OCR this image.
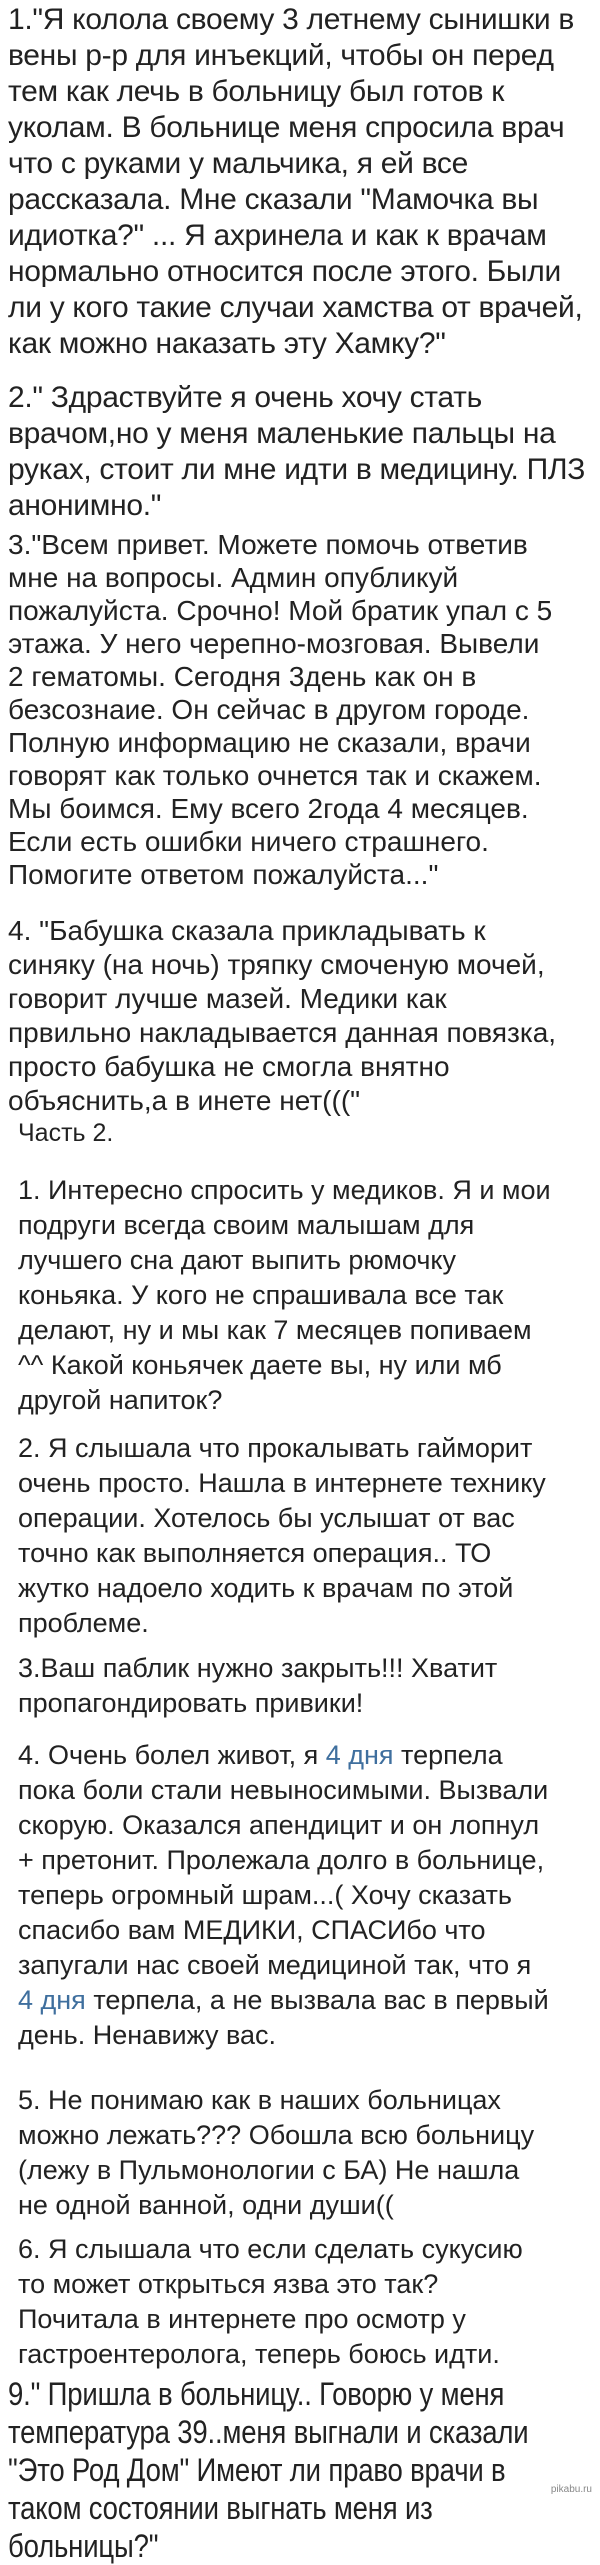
1."Я колола своему 3 летнему сынишки в
вены р-р для инъекций, чтобы он перед
тем как лечь в больницу был готов к
уколам. В больнице меня спросила врач
что с руками у мальчика, я ей все
рассказала. Мне сказали "Мамочка вы
идиотка?" ... Я ахринела и как к врачам
нормально относится после этого. Были
ли у кого такие случаи хамства от врачей,
как можно наказать эту Хамку?"
2." Здраствуйте я очень хочу стать
врачом,но у меня маленькие пальцы на
руках, стоит ли мне идти в медицину. ПЛЗ
анонимно."
3."Всем привет. Можете помочь ответив
мне на вопросы. Админ опубликуй
пожалуйста. Срочно! Мой братик упал с 5
этажа. У него черепно-мозговая. Вывели
2 гематомы. Сегодня 3день как он в
безсознаие. Он сейчас в другом городе.
Полную информацию не сказали, врачи
говорят как только очнется так и скажем.
Мы боимся. Ему всего 2года 4 месяцев.
Если есть ошибки ничего страшнего.
Помогите ответом пожалуйста..."
4. "Бабушка сказала прикладывать к
синяку (на ночь) тряпку смоченую мочей,
говорит лучше мазей. Медики как
првильно накладывается данная повязка,
просто бабушка не смогла внятно
объяснить,а в инете нет((("
Часть 2.
1. Интересно спросить у медиков. Я и мои
подруги всегда своим малышам для
лучшего сна дают выпить рюмочку
коньяка. У кого не спрашивала все так
делают, ну и мы как 7 месяцев попиваем
^^ Какой коньячек даете вы, ну или мб
другой напиток?
2. Я слышала что прокалывать гайморит
очень просто. Нашла в интернете технику
операции. Хотелось бы услышат от вас
точно как выполняется операция.. ТО
жутко надоело ходить к врачам по этой
проблеме.
3.Ваш паблик нужно закрыть!!! Хватит
пропагондировать привики!
4. Очень болел живот, я 4 дня терпела
пока боли стали невыносимыми. Вызвали
скорую. Оказался апендицит и он лопнул
+ претонит. Пролежала долго в больнице,
теперь огромный шрам...( Хочу сказать
спасибо вам МЕДИКИ, СПАСИбо что
запугали нас своей медициной так, что я
4 дня терпела, а не вызвала вас в первый
день. Ненавижу вас.
5. Не понимаю как в наших больницах
можно лежать??? Обошла всю больницу
(лежу в Пульмонологии с БА) Не нашла
не одной ванной, одни души((
6. Я слышала что если сделать сукусию
то может открыться язва это так?
Почитала в интернете про осмотр у
гастроентеролога, теперь боюсь идти.
9." Пришла в больницу.. Говорю у меня
температура 39..меня выгнали и сказали
"Это Род Дом" Имеют ли право врачи в
таком состоянии выгнать меня из
больницы?"
pikabu.ru
